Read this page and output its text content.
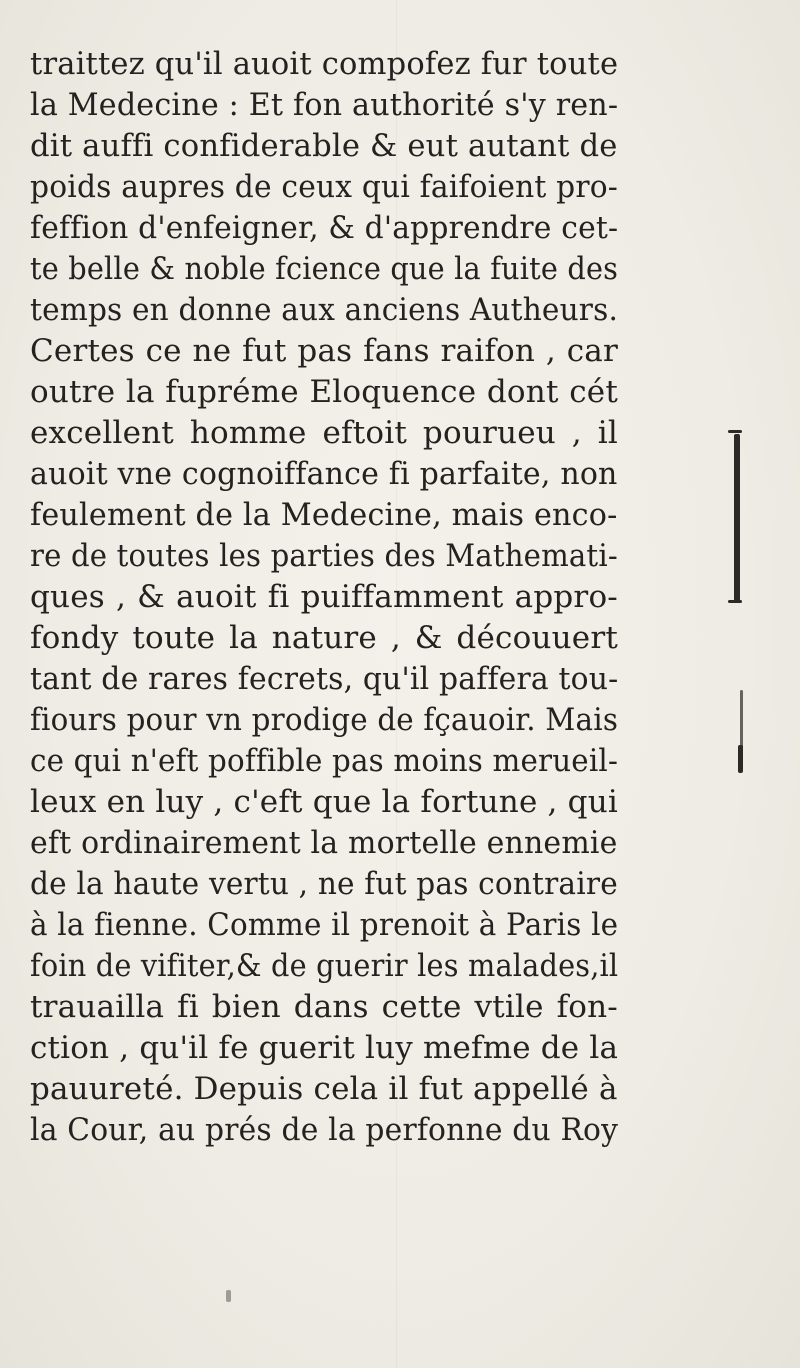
traittez qu'il auoit compofez fur toute
la Medecine : Et fon authorité s'y ren-
dit auffi confiderable & eut autant de
poids aupres de ceux qui faifoient pro-
feffion d'enfeigner, & d'apprendre cet-
te belle & noble fcience que la fuite des
temps en donne aux anciens Autheurs.
Certes ce ne fut pas fans raifon , car
outre la fupréme Eloquence dont cét
excellent homme eftoit pourueu , il
auoit vne cognoiffance fi parfaite, non
feulement de la Medecine, mais enco-
re de toutes les parties des Mathemati-
ques , & auoit fi puiffamment appro-
fondy toute la nature , & découuert
tant de rares fecrets, qu'il paffera tou-
fiours pour vn prodige de fçauoir. Mais
ce qui n'eft poffible pas moins merueil-
leux en luy , c'eft que la fortune , qui
eft ordinairement la mortelle ennemie
de la haute vertu , ne fut pas contraire
à la fienne. Comme il prenoit à Paris le
foin de vifiter,& de guerir les malades,il
trauailla fi bien dans cette vtile fon-
ction , qu'il fe guerit luy mefme de la
pauureté. Depuis cela il fut appellé à
la Cour, au prés de la perfonne du Roy
